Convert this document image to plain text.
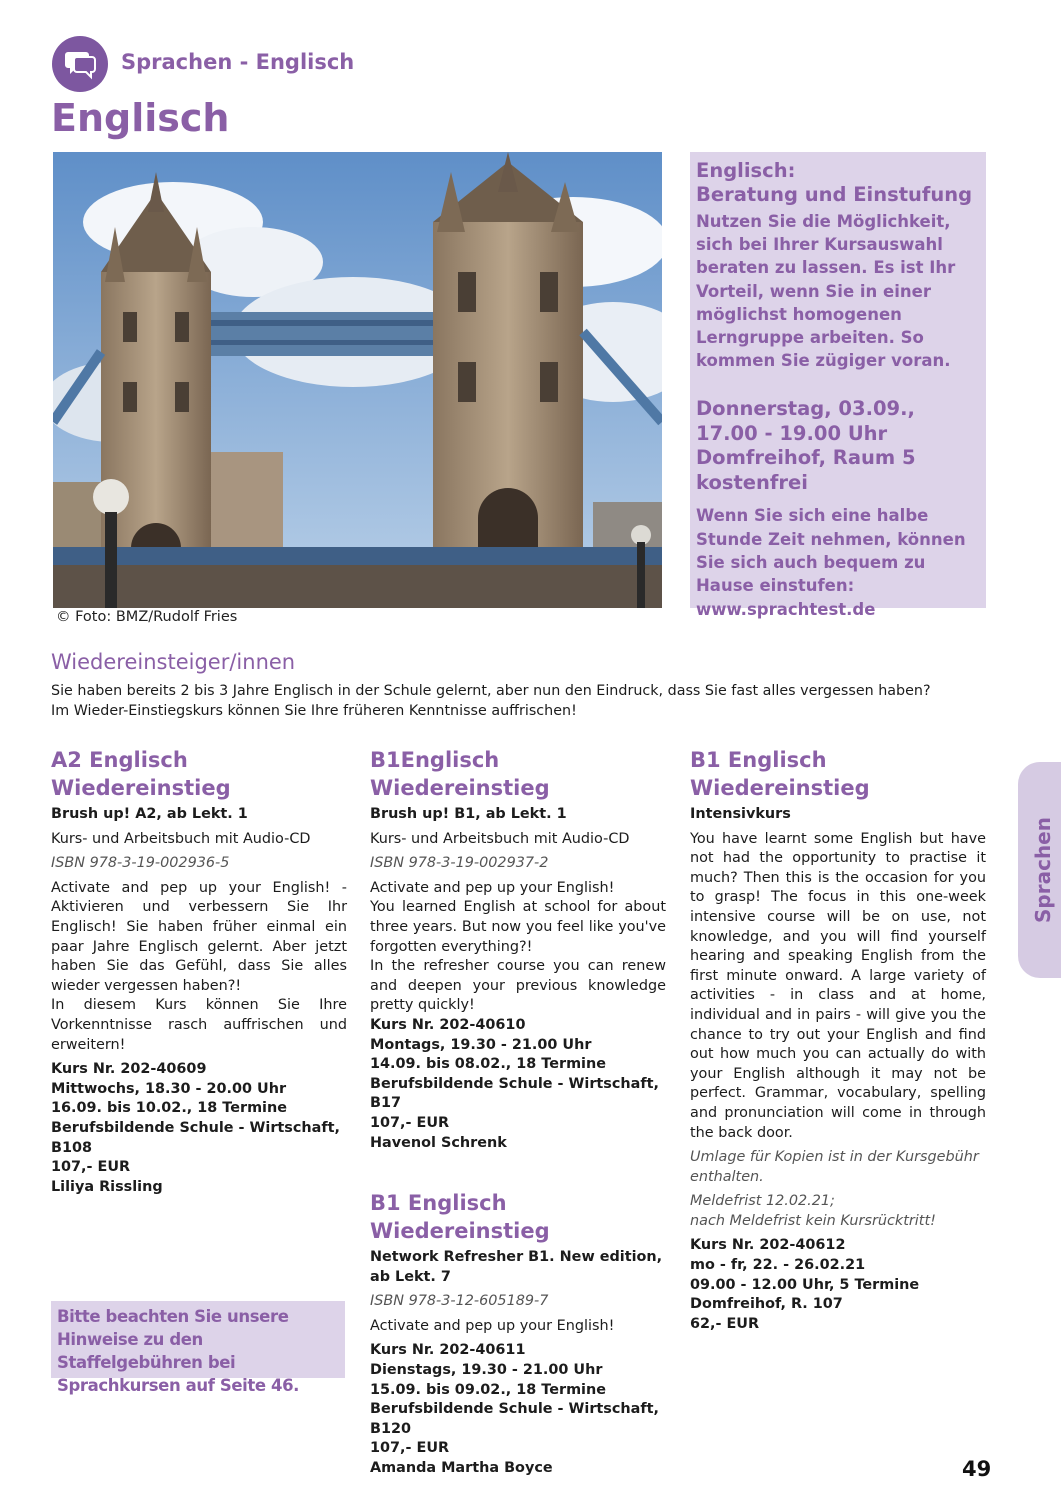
Sprachen - Englisch
Englisch
© Foto: BMZ/Rudolf Fries
Englisch:
Beratung und Einstufung
Nutzen Sie die Möglichkeit, sich bei Ihrer Kursauswahl beraten zu lassen. Es ist Ihr Vorteil, wenn Sie in einer möglichst homogenen Lerngruppe arbeiten. So kommen Sie zügiger voran.
Donnerstag, 03.09.,
17.00 - 19.00 Uhr
Domfreihof, Raum 5
kostenfrei
Wenn Sie sich eine halbe Stunde Zeit nehmen, können Sie sich auch bequem zu Hause einstufen:
www.sprachtest.de
Wiedereinsteiger/innen
Sie haben bereits 2 bis 3 Jahre Englisch in der Schule gelernt, aber nun den Eindruck, dass Sie fast alles vergessen haben?
Im Wieder-Einstiegskurs können Sie Ihre früheren Kenntnisse auffrischen!
A2 Englisch Wiedereinstieg
Brush up! A2, ab Lekt. 1
Kurs- und Arbeitsbuch mit Audio-CD
ISBN 978-3-19-002936-5

Activate and pep up your English! - Aktivieren und verbessern Sie Ihr Englisch! Sie haben früher einmal ein paar Jahre Englisch gelernt. Aber jetzt haben Sie das Gefühl, dass Sie alles wieder vergessen haben?!

In diesem Kurs können Sie Ihre Vorkenntnisse rasch auffrischen und erweitern!

Kurs Nr. 202-40609
Mittwochs, 18.30 - 20.00 Uhr
16.09. bis 10.02., 18 Termine
Berufsbildende Schule - Wirtschaft, B108
107,- EUR
Liliya Rissling
B1Englisch Wiedereinstieg
Brush up! B1, ab Lekt. 1
Kurs- und Arbeitsbuch mit Audio-CD
ISBN 978-3-19-002937-2

Activate and pep up your English!

You learned English at school for about three years. But now you feel like you've forgotten everything?!

In the refresher course you can renew and deepen your previous knowledge pretty quickly!

Kurs Nr. 202-40610
Montags, 19.30 - 21.00 Uhr
14.09. bis 08.02., 18 Termine
Berufsbildende Schule - Wirtschaft, B17
107,- EUR
Havenol Schrenk
B1 Englisch Wiedereinstieg
Network Refresher B1. New edition, ab Lekt. 7
ISBN 978-3-12-605189-7
Activate and pep up your English!
Kurs Nr. 202-40611
Dienstags, 19.30 - 21.00 Uhr
15.09. bis 09.02., 18 Termine
Berufsbildende Schule - Wirtschaft, B120
107,- EUR
Amanda Martha Boyce
B1 Englisch Wiedereinstieg
Intensivkurs
You have learnt some English but have not had the opportunity to practise it much? Then this is the occasion for you to grasp! The focus in this one-week intensive course will be on use, not knowledge, and you will find yourself hearing and speaking English from the first minute onward. A large variety of activities - in class and at home, individual and in pairs - will give you the chance to try out your English and find out how much you can actually do with your English although it may not be perfect. Grammar, vocabulary, spelling and pronunciation will come in through the back door.
Umlage für Kopien ist in der Kursgebühr enthalten.
Meldefrist 12.02.21;
nach Meldefrist kein Kursrücktritt!
Kurs Nr. 202-40612
mo - fr, 22. - 26.02.21
09.00 - 12.00 Uhr, 5 Termine
Domfreihof, R. 107
62,- EUR
Bitte beachten Sie unsere Hinweise zu den Staffelgebühren bei Sprachkursen auf Seite 46.
Sprachen
49
